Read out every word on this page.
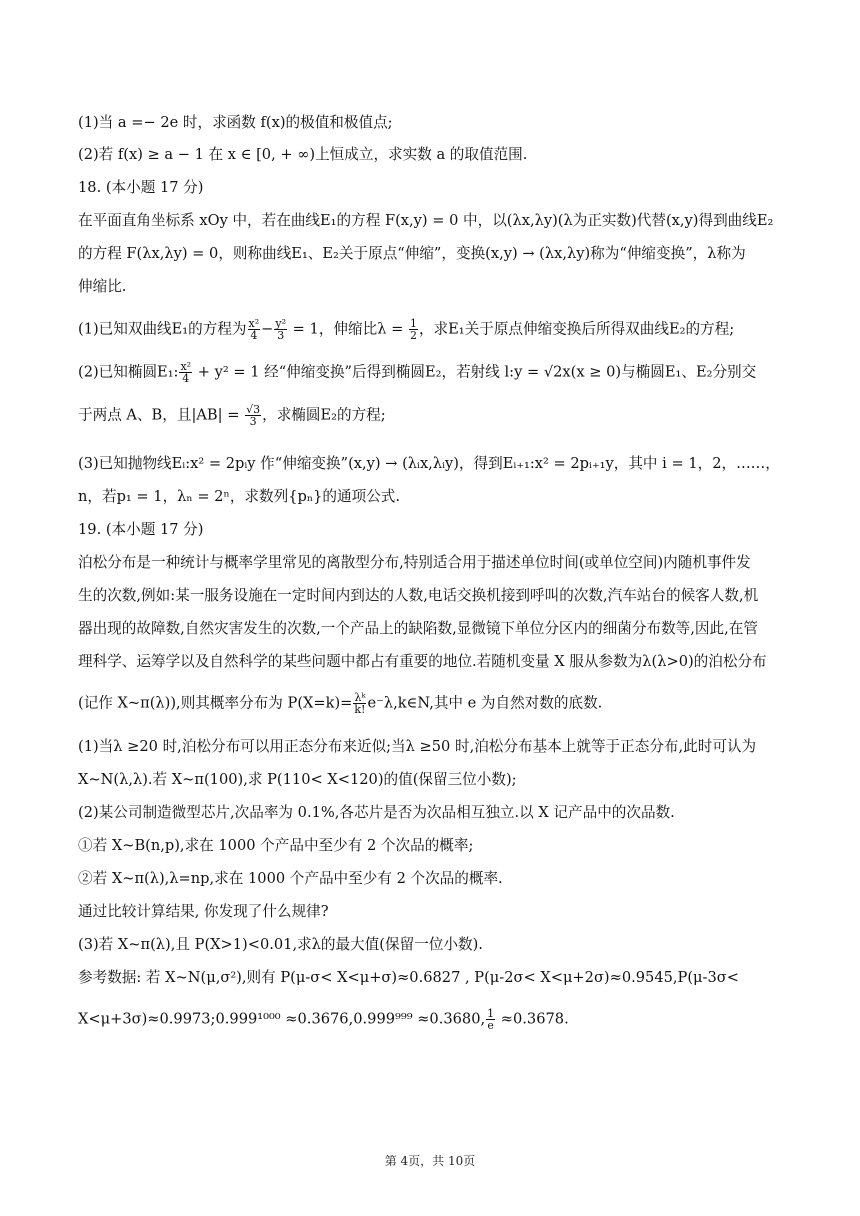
(1)当 a =− 2e 时，求函数 f(x)的极值和极值点;
(2)若 f(x) ≥ a − 1 在 x ∈ [0, + ∞)上恒成立，求实数 a 的取值范围.
18. (本小题 17 分)
在平面直角坐标系 xOy 中，若在曲线E₁的方程 F(x,y) = 0 中，以(λx,λy)(λ为正实数)代替(x,y)得到曲线E₂
的方程 F(λx,λy) = 0，则称曲线E₁、E₂关于原点“伸缩”，变换(x,y) → (λx,λy)称为“伸缩变换”，λ称为
伸缩比.
(1)已知双曲线E₁的方程为 $\frac{\text{x²}}{4} - \frac{\text{y²}}{3} = 1$，伸缩比$\lambda = \frac{1}{2}$ ，求E₁关于原点伸缩变换后所得双曲线E₂的方程;
(2)已知椭圆E₁: $\frac{\text{x²}}{4} + y^2 = 1$ 经“伸缩变换”后得到椭圆E₂，若射线 l:y = √2x(x ≥ 0)与椭圆E₁、E₂分别交
于两点 A、B，且$|AB| = \frac{√3}{3}$ ，求椭圆E₂的方程;
(3)已知抛物线Eᵢ:x² = 2pᵢy 作“伸缩变换”(x,y) → (λᵢx,λᵢy)，得到Eᵢ₊₁:x² = 2pᵢ₊₁y，其中 i = 1，2，……，
n，若p₁ = 1，λₙ = 2ⁿ，求数列{pₙ}的通项公式.
19. (本小题 17 分)
泊松分布是一种统计与概率学里常见的离散型分布,特别适合用于描述单位时间(或单位空间)内随机事件发
生的次数,例如:某一服务设施在一定时间内到达的人数,电话交换机接到呼叫的次数,汽车站台的候客人数,机
器出现的故障数,自然灾害发生的次数,一个产品上的缺陷数,显微镜下单位分区内的细菌分布数等,因此,在管
理科学、运筹学以及自然科学的某些问题中都占有重要的地位.若随机变量 X 服从参数为λ(λ>0)的泊松分布
(记作 X~π(λ)),则其概率分布为 $P(X=k)= \frac{\text{λᵏ}}{k!}$ e⁻λ,k∈N,其中 e 为自然对数的底数.
(1)当λ ≥20 时,泊松分布可以用正态分布来近似;当λ ≥50 时,泊松分布基本上就等于正态分布,此时可认为
X~N(λ,λ).若 X~π(100),求 P(110< X<120)的值(保留三位小数);
(2)某公司制造微型芯片,次品率为 0.1%,各芯片是否为次品相互独立.以 X 记产品中的次品数.
①若 X~B(n,p),求在 1000 个产品中至少有 2 个次品的概率;
②若 X~π(λ),λ=np,求在 1000 个产品中至少有 2 个次品的概率.
通过比较计算结果, 你发现了什么规律?
(3)若 X~π(λ),且 P(X>1)<0.01,求λ的最大值(保留一位小数).
参考数据: 若 X~N(μ,σ²),则有 P(μ-σ< X<μ+σ)≈0.6827 , P(μ-2σ< X<μ+2σ)≈0.9545,P(μ-3σ<
X<μ+3σ)≈0.9973;0.999¹⁰⁰⁰ ≈0.3676,0.999⁹⁹⁹ ≈0.3680, $\frac{1}{e} \approx 0.3678$.
第 4页，共 10页
